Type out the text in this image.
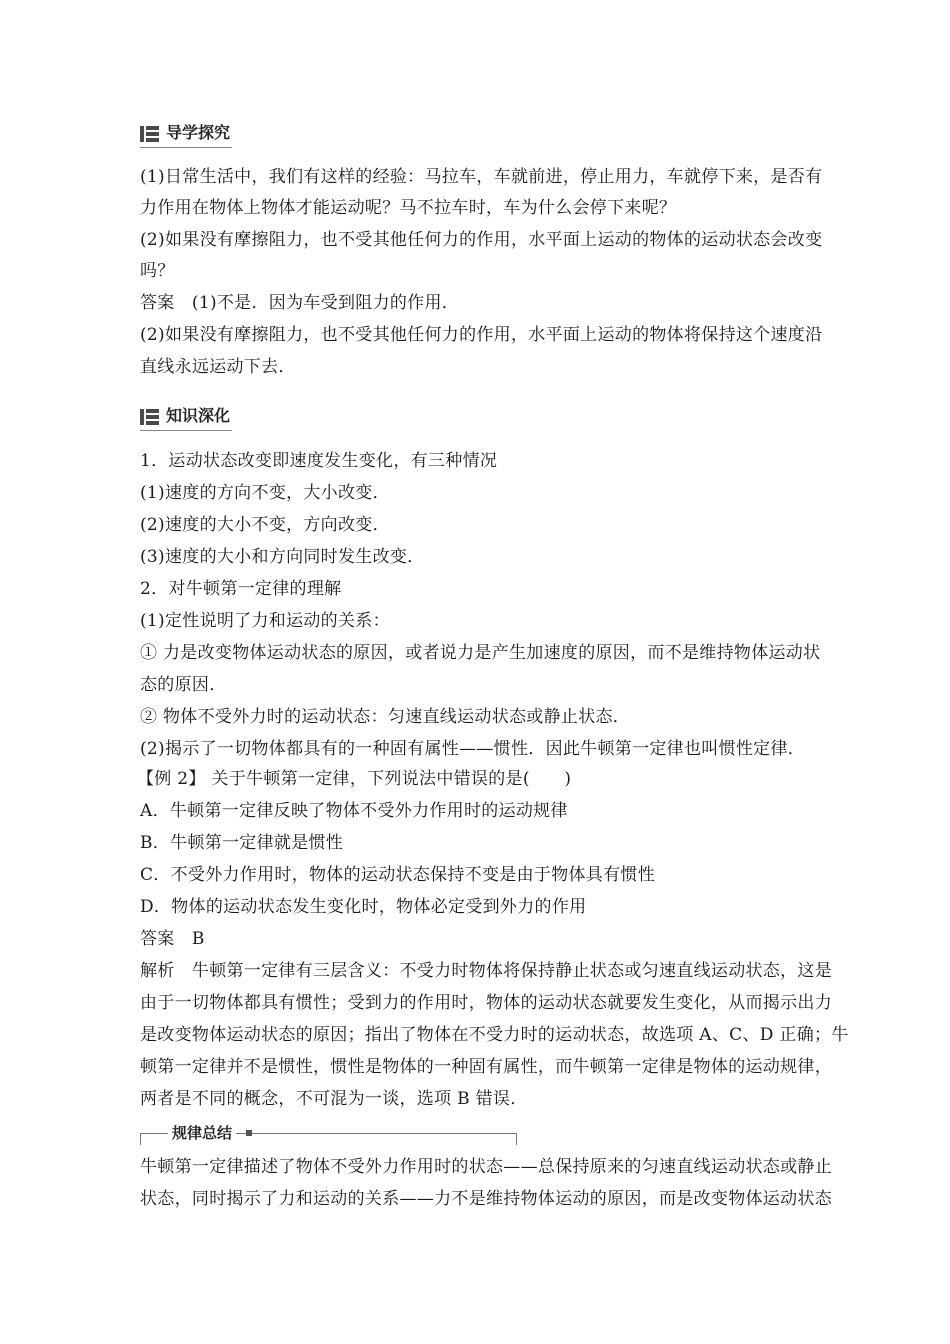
导学探究
(1)日常生活中，我们有这样的经验：马拉车，车就前进，停止用力，车就停下来，是否有
力作用在物体上物体才能运动呢？马不拉车时，车为什么会停下来呢？
(2)如果没有摩擦阻力，也不受其他任何力的作用，水平面上运动的物体的运动状态会改变
吗？
答案　(1)不是．因为车受到阻力的作用．
(2)如果没有摩擦阻力，也不受其他任何力的作用，水平面上运动的物体将保持这个速度沿
直线永远运动下去．
知识深化
1．运动状态改变即速度发生变化，有三种情况
(1)速度的方向不变，大小改变．
(2)速度的大小不变，方向改变．
(3)速度的大小和方向同时发生改变．
2．对牛顿第一定律的理解
(1)定性说明了力和运动的关系：
① 力是改变物体运动状态的原因，或者说力是产生加速度的原因，而不是维持物体运动状
态的原因．
② 物体不受外力时的运动状态：匀速直线运动状态或静止状态．
(2)揭示了一切物体都具有的一种固有属性——惯性．因此牛顿第一定律也叫惯性定律．
【例 2】 关于牛顿第一定律，下列说法中错误的是(　　)
A．牛顿第一定律反映了物体不受外力作用时的运动规律
B．牛顿第一定律就是惯性
C．不受外力作用时，物体的运动状态保持不变是由于物体具有惯性
D．物体的运动状态发生变化时，物体必定受到外力的作用
答案　B
解析　牛顿第一定律有三层含义：不受力时物体将保持静止状态或匀速直线运动状态，这是
由于一切物体都具有惯性；受到力的作用时，物体的运动状态就要发生变化，从而揭示出力
是改变物体运动状态的原因；指出了物体在不受力时的运动状态，故选项 A、C、D 正确；牛
顿第一定律并不是惯性，惯性是物体的一种固有属性，而牛顿第一定律是物体的运动规律，
两者是不同的概念，不可混为一谈，选项 B 错误．
规律总结
牛顿第一定律描述了物体不受外力作用时的状态——总保持原来的匀速直线运动状态或静止
状态，同时揭示了力和运动的关系——力不是维持物体运动的原因，而是改变物体运动状态
